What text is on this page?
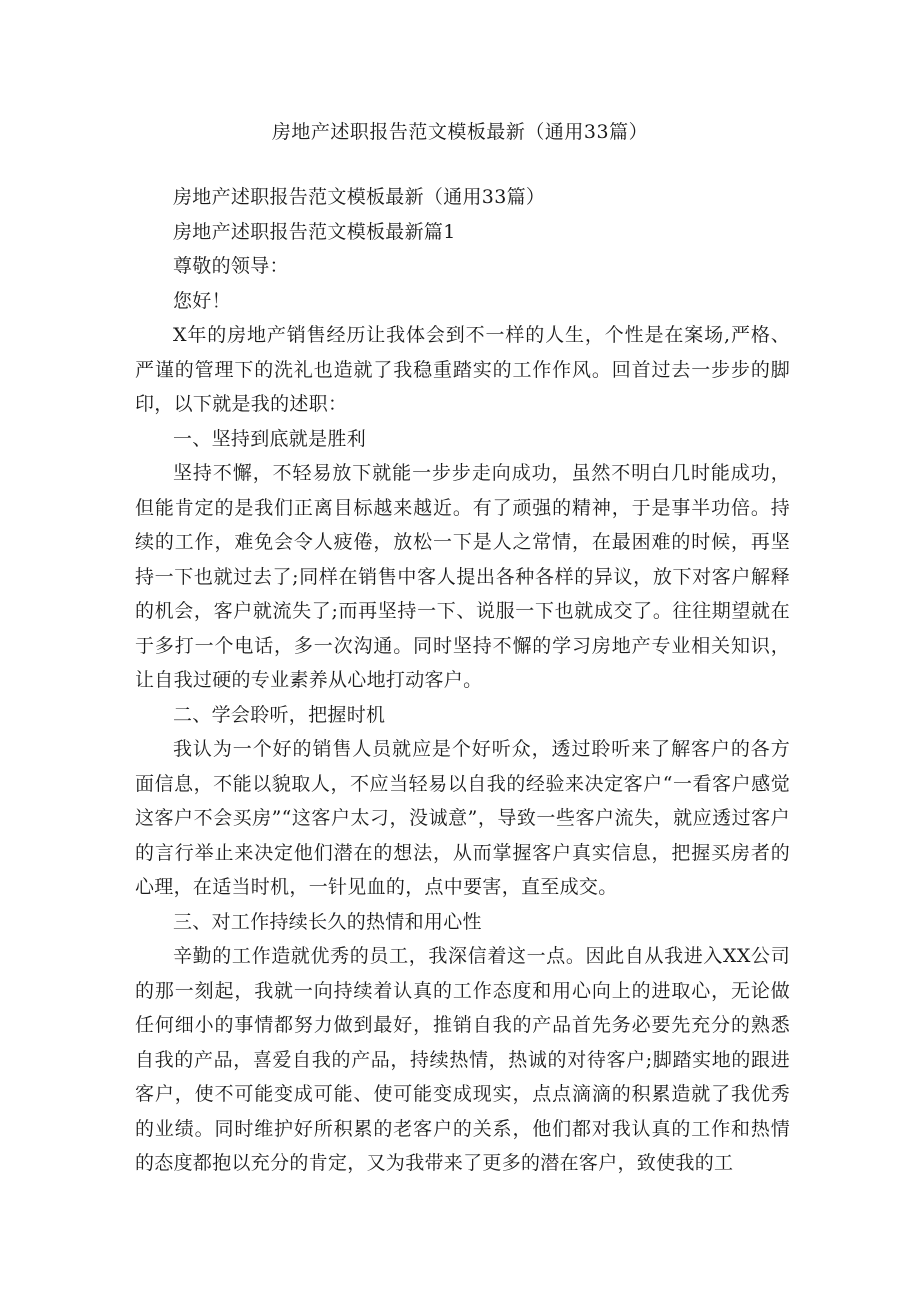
房地产述职报告范文模板最新（通用33篇）

房地产述职报告范文模板最新（通用33篇）

房地产述职报告范文模板最新篇1

尊敬的领导：

您好！

X年的房地产销售经历让我体会到不一样的人生，个性是在案场,严格、严谨的管理下的洗礼也造就了我稳重踏实的工作作风。回首过去一步步的脚印，以下就是我的述职：

一、坚持到底就是胜利

坚持不懈，不轻易放下就能一步步走向成功，虽然不明白几时能成功，但能肯定的是我们正离目标越来越近。有了顽强的精神，于是事半功倍。持续的工作，难免会令人疲倦，放松一下是人之常情，在最困难的时候，再坚持一下也就过去了;同样在销售中客人提出各种各样的异议，放下对客户解释的机会，客户就流失了;而再坚持一下、说服一下也就成交了。往往期望就在于多打一个电话，多一次沟通。同时坚持不懈的学习房地产专业相关知识，让自我过硬的专业素养从心地打动客户。

二、学会聆听，把握时机

我认为一个好的销售人员就应是个好听众，透过聆听来了解客户的各方面信息，不能以貌取人，不应当轻易以自我的经验来决定客户“一看客户感觉这客户不会买房”“这客户太刁，没诚意”，导致一些客户流失，就应透过客户的言行举止来决定他们潜在的想法，从而掌握客户真实信息，把握买房者的心理，在适当时机，一针见血的，点中要害，直至成交。

三、对工作持续长久的热情和用心性

辛勤的工作造就优秀的员工，我深信着这一点。因此自从我进入XX公司的那一刻起，我就一向持续着认真的工作态度和用心向上的进取心，无论做任何细小的事情都努力做到最好，推销自我的产品首先务必要先充分的熟悉自我的产品，喜爱自我的产品，持续热情，热诚的对待客户;脚踏实地的跟进客户，使不可能变成可能、使可能变成现实，点点滴滴的积累造就了我优秀的业绩。同时维护好所积累的老客户的关系，他们都对我认真的工作和热情的态度都抱以充分的肯定，又为我带来了更多的潜在客户，致使我的工
